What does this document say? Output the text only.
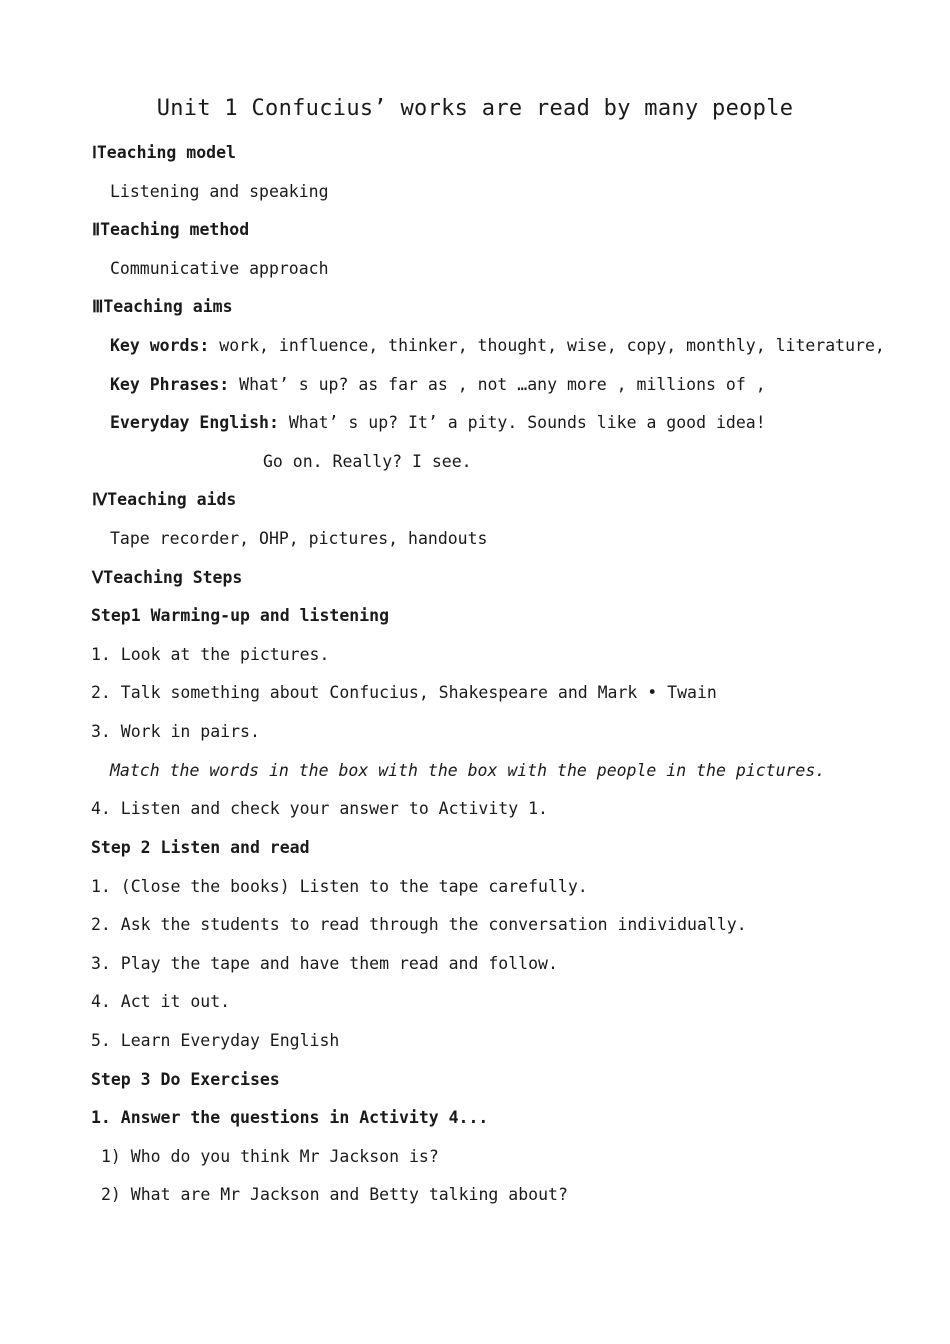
Unit 1 Confucius’ works are read by many people
ⅠTeaching model
Listening and speaking
ⅡTeaching method
Communicative approach
ⅢTeaching aims
Key words: work, influence, thinker, thought, wise, copy, monthly, literature,
Key Phrases: What’ s up? as far as , not …any more , millions of ,
Everyday English: What’ s up? It’ a pity. Sounds like a good idea!
Go on. Really? I see.
ⅣTeaching aids
Tape recorder, OHP, pictures, handouts
ⅤTeaching Steps
Step1 Warming-up and listening
1. Look at the pictures.
2. Talk something about Confucius, Shakespeare and Mark • Twain
3. Work in pairs.
Match the words in the box with the box with the people in the pictures.
4. Listen and check your answer to Activity 1.
Step 2 Listen and read
1. (Close the books) Listen to the tape carefully.
2. Ask the students to read through the conversation individually.
3. Play the tape and have them read and follow.
4. Act it out.
5. Learn Everyday English
Step 3 Do Exercises
1. Answer the questions in Activity 4...
1) Who do you think Mr Jackson is?
2) What are Mr Jackson and Betty talking about?
